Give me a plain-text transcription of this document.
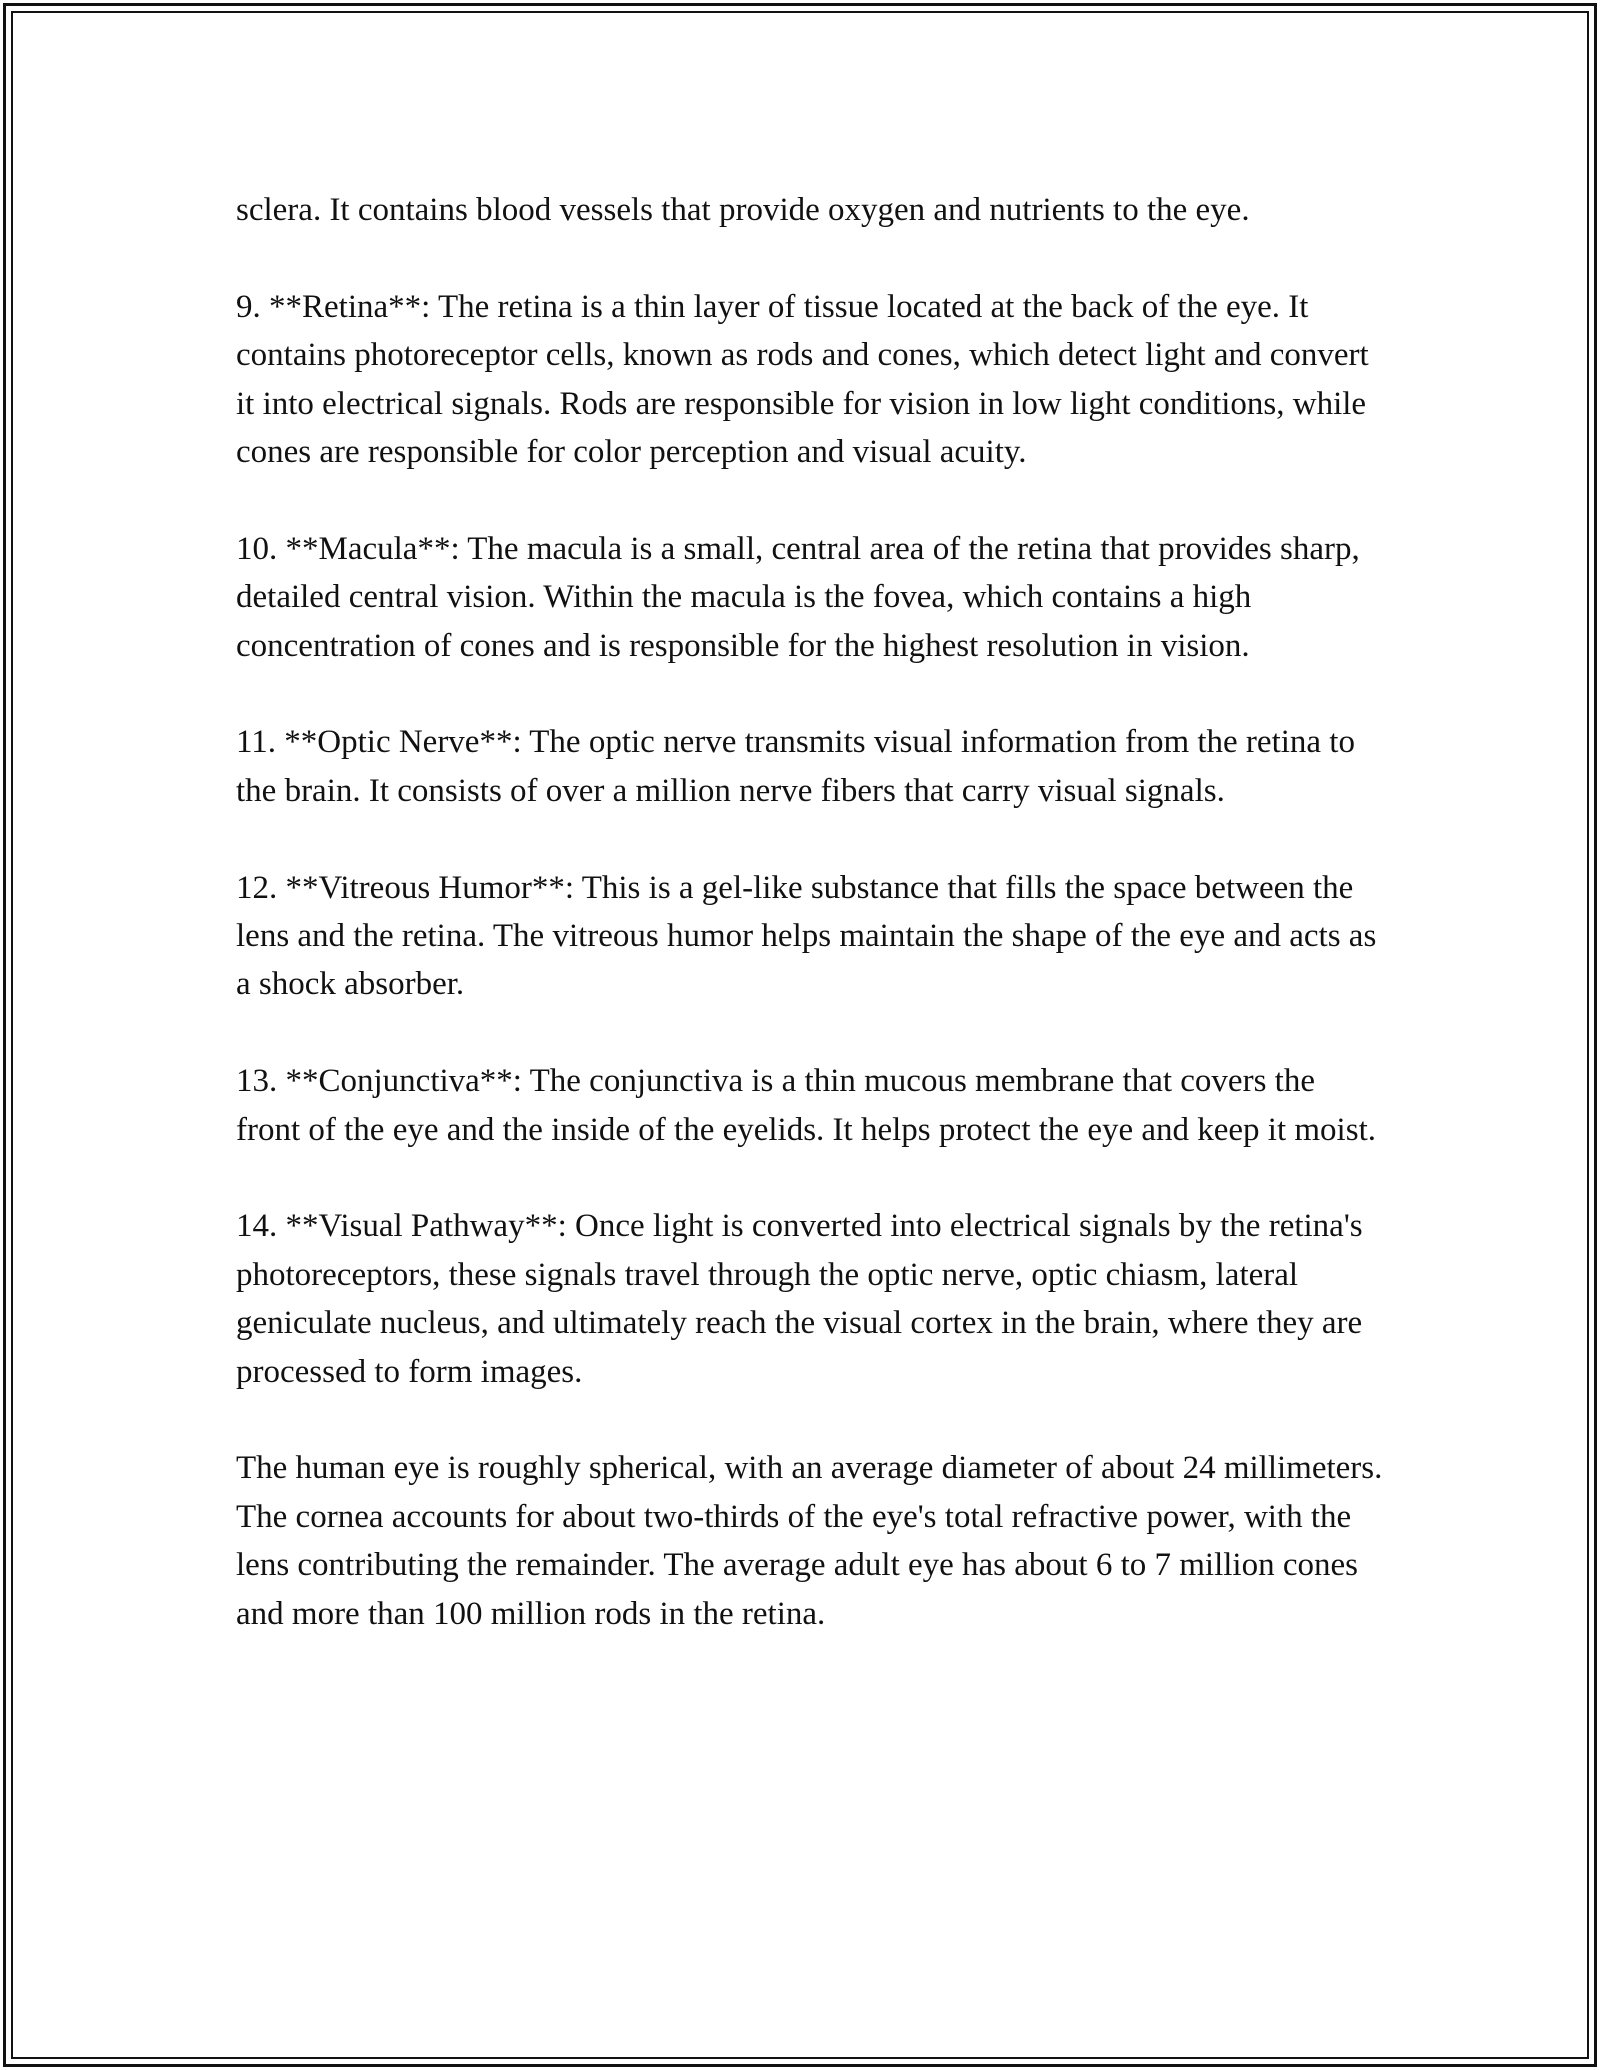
sclera. It contains blood vessels that provide oxygen and nutrients to the eye.

9. **Retina**: The retina is a thin layer of tissue located at the back of the eye. It contains photoreceptor cells, known as rods and cones, which detect light and convert it into electrical signals. Rods are responsible for vision in low light conditions, while cones are responsible for color perception and visual acuity.

10. **Macula**: The macula is a small, central area of the retina that provides sharp, detailed central vision. Within the macula is the fovea, which contains a high concentration of cones and is responsible for the highest resolution in vision.

11. **Optic Nerve**: The optic nerve transmits visual information from the retina to the brain. It consists of over a million nerve fibers that carry visual signals.

12. **Vitreous Humor**: This is a gel-like substance that fills the space between the lens and the retina. The vitreous humor helps maintain the shape of the eye and acts as a shock absorber.

13. **Conjunctiva**: The conjunctiva is a thin mucous membrane that covers the front of the eye and the inside of the eyelids. It helps protect the eye and keep it moist.

14. **Visual Pathway**: Once light is converted into electrical signals by the retina's photoreceptors, these signals travel through the optic nerve, optic chiasm, lateral geniculate nucleus, and ultimately reach the visual cortex in the brain, where they are processed to form images.

The human eye is roughly spherical, with an average diameter of about 24 millimeters. The cornea accounts for about two-thirds of the eye's total refractive power, with the lens contributing the remainder. The average adult eye has about 6 to 7 million cones and more than 100 million rods in the retina.
